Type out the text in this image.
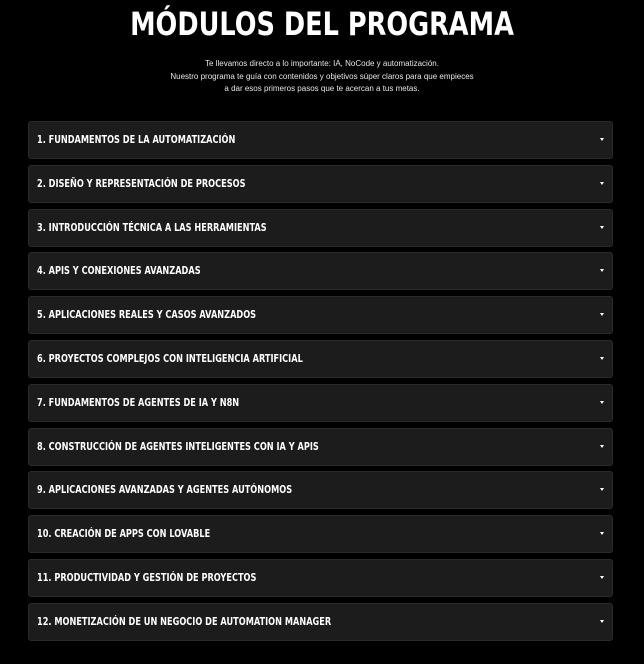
MÓDULOS DEL PROGRAMA
Te llevamos directo a lo importante: IA, NoCode y automatización.
Nuestro programa te guía con contenidos y objetivos súper claros para que empieces
a dar esos primeros pasos que te acercan a tus metas.
1. FUNDAMENTOS DE LA AUTOMATIZACIÓN
2. DISEÑO Y REPRESENTACIÓN DE PROCESOS
3. INTRODUCCIÓN TÉCNICA A LAS HERRAMIENTAS
4. APIS Y CONEXIONES AVANZADAS
5. APLICACIONES REALES Y CASOS AVANZADOS
6. PROYECTOS COMPLEJOS CON INTELIGENCIA ARTIFICIAL
7. FUNDAMENTOS DE AGENTES DE IA Y N8N
8. CONSTRUCCIÓN DE AGENTES INTELIGENTES CON IA Y APIS
9. APLICACIONES AVANZADAS Y AGENTES AUTÓNOMOS
10. CREACIÓN DE APPS CON LOVABLE
11. PRODUCTIVIDAD Y GESTIÓN DE PROYECTOS
12. MONETIZACIÓN DE UN NEGOCIO DE AUTOMATION MANAGER
